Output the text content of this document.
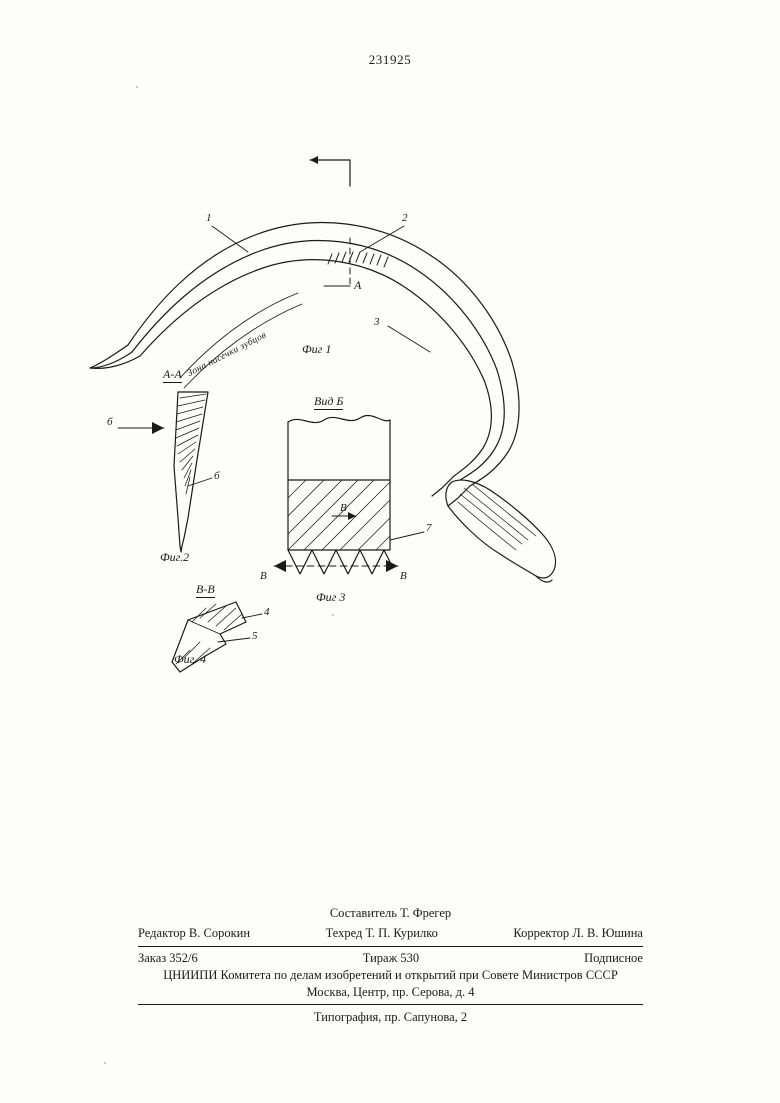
231925
1	2
3
А
Зона насечки зубцов	Фиг 1
А-А
б
б
Фиг.2
Вид Б
В
В	В
7
Фиг 3
В-В
4
5
Фиг. 4
Составитель Т. Фрегер
Редактор В. Сорокин	Техред Т. П. Курилко	Корректор Л. В. Юшина
Заказ 352/6	Тираж 530	Подписное
ЦНИИПИ Комитета по делам изобретений и открытий при Совете Министров СССР
Москва, Центр, пр. Серова, д. 4
Типография, пр. Сапунова, 2
